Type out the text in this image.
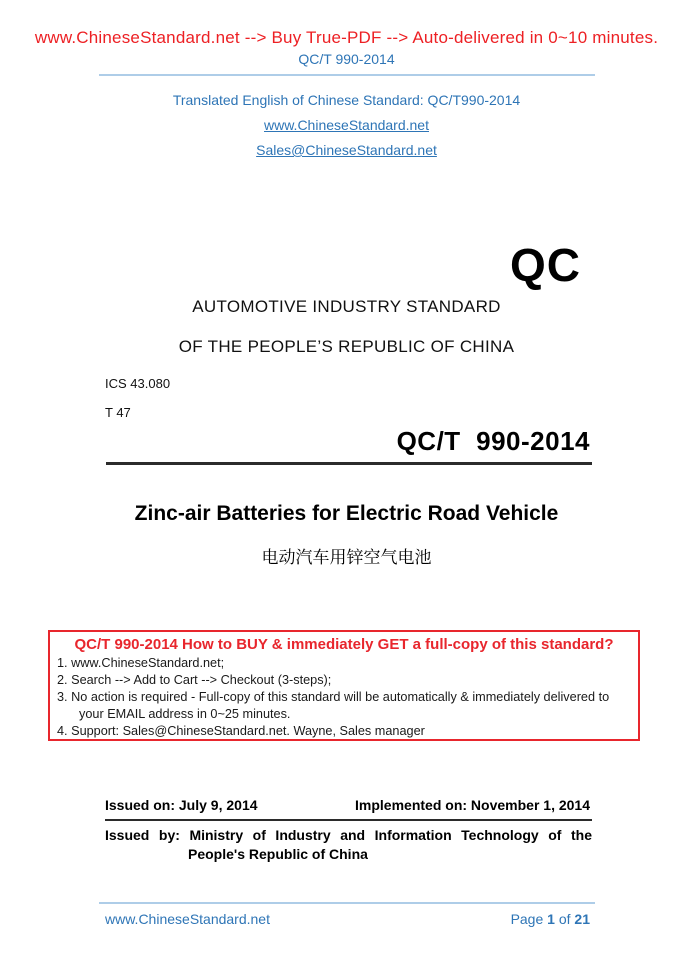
www.ChineseStandard.net --> Buy True-PDF --> Auto-delivered in 0~10 minutes.
QC/T 990-2014
Translated English of Chinese Standard: QC/T990-2014
www.ChineseStandard.net
Sales@ChineseStandard.net
QC
AUTOMOTIVE INDUSTRY STANDARD
OF THE PEOPLE’S REPUBLIC OF CHINA
ICS 43.080
T 47
QC/T  990-2014
Zinc-air Batteries for Electric Road Vehicle
电动汽车用锌空气电池
QC/T 990-2014 How to BUY & immediately GET a full-copy of this standard?
1. www.ChineseStandard.net;
2. Search --> Add to Cart --> Checkout (3-steps);
3. No action is required - Full-copy of this standard will be automatically & immediately delivered to your EMAIL address in 0~25 minutes.
4. Support: Sales@ChineseStandard.net. Wayne, Sales manager
Issued on: July 9, 2014	Implemented on: November 1, 2014
Issued by: Ministry of Industry and Information Technology of the
People's Republic of China
www.ChineseStandard.net	Page 1 of 21
